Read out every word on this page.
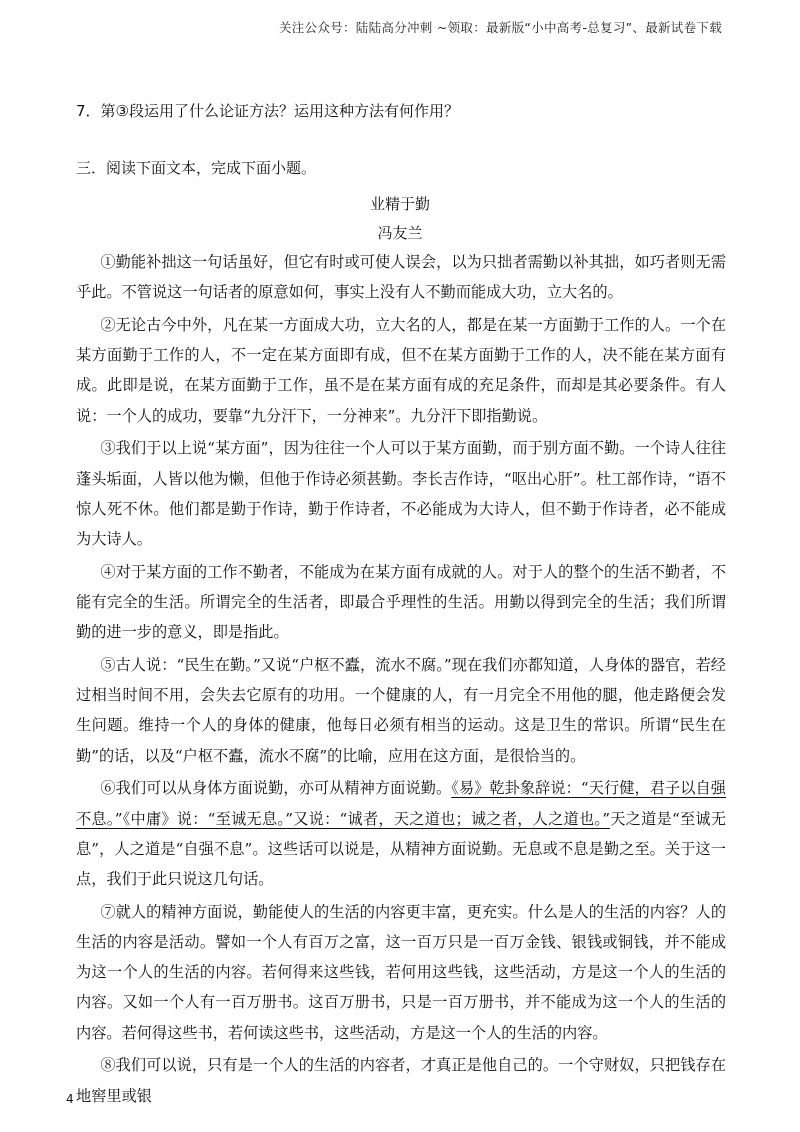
关注公众号：陆陆高分冲刺 ~领取：最新版“小中高考-总复习”、最新试卷下载
7．第③段运用了什么论证方法？运用这种方法有何作用？
三．阅读下面文本，完成下面小题。
业精于勤
冯友兰

①勤能补拙这一句话虽好，但它有时或可使人误会，以为只拙者需勤以补其拙，如巧者则无需乎此。不管说这一句话者的原意如何，事实上没有人不勤而能成大功，立大名的。

②无论古今中外，凡在某一方面成大功，立大名的人，都是在某一方面勤于工作的人。一个在某方面勤于工作的人，不一定在某方面即有成，但不在某方面勤于工作的人，决不能在某方面有成。此即是说，在某方面勤于工作，虽不是在某方面有成的充足条件，而却是其必要条件。有人说：一个人的成功，要靠“九分汗下，一分神来”。九分汗下即指勤说。

③我们于以上说“某方面”，因为往往一个人可以于某方面勤，而于别方面不勤。一个诗人往往蓬头垢面，人皆以他为懒，但他于作诗必须甚勤。李长吉作诗，“呕出心肝”。杜工部作诗，“语不惊人死不休。他们都是勤于作诗，勤于作诗者，不必能成为大诗人，但不勤于作诗者，必不能成为大诗人。

④对于某方面的工作不勤者，不能成为在某方面有成就的人。对于人的整个的生活不勤者，不能有完全的生活。所谓完全的生活者，即最合乎理性的生活。用勤以得到完全的生活；我们所谓勤的进一步的意义，即是指此。

⑤古人说：“民生在勤。”又说“户枢不蠹，流水不腐。”现在我们亦都知道，人身体的器官，若经过相当时间不用，会失去它原有的功用。一个健康的人，有一月完全不用他的腿，他走路便会发生问题。维持一个人的身体的健康，他每日必须有相当的运动。这是卫生的常识。所谓“民生在勤”的话，以及“户枢不蠹，流水不腐”的比喻，应用在这方面，是很恰当的。

⑥我们可以从身体方面说勤，亦可从精神方面说勤。《易》乾卦象辞说：“天行健，君子以自强不息。”《中庸》说：“至诚无息。”又说：“诚者，天之道也；诚之者，人之道也。”天之道是“至诚无息”，人之道是“自强不息”。这些话可以说是，从精神方面说勤。无息或不息是勤之至。关于这一点，我们于此只说这几句话。

⑦就人的精神方面说，勤能使人的生活的内容更丰富，更充实。什么是人的生活的内容？人的生活的内容是活动。譬如一个人有百万之富，这一百万只是一百万金钱、银钱或铜钱，并不能成为这一个人的生活的内容。若何得来这些钱，若何用这些钱，这些活动，方是这一个人的生活的内容。又如一个人有一百万册书。这百万册书，只是一百万册书，并不能成为这一个人的生活的内容。若何得这些书，若何读这些书，这些活动，方是这一个人的生活的内容。

⑧我们可以说，只有是一个人的生活的内容者，才真正是他自己的。一个守财奴，只把钱存在地窖里或银

4
